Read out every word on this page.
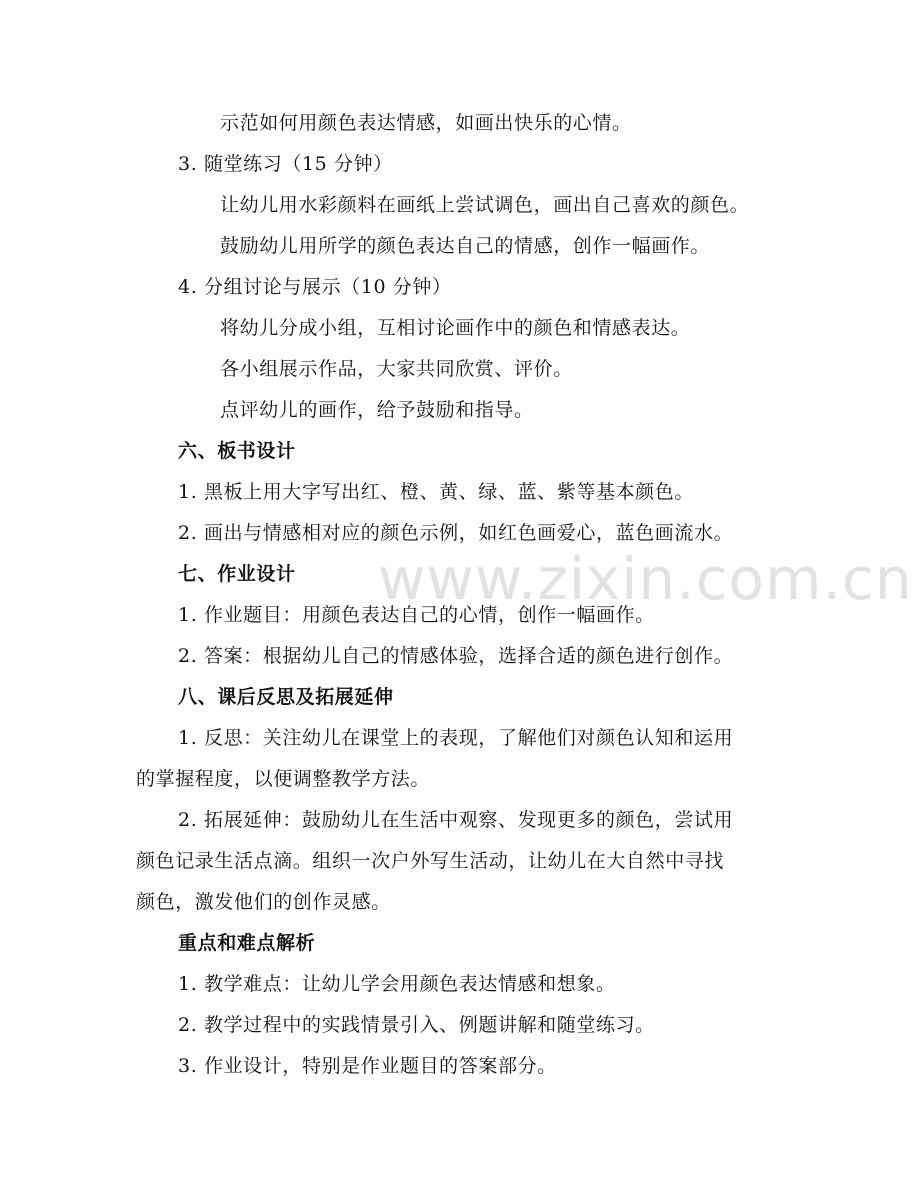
示范如何用颜色表达情感，如画出快乐的心情。
3. 随堂练习（15 分钟）
让幼儿用水彩颜料在画纸上尝试调色，画出自己喜欢的颜色。
鼓励幼儿用所学的颜色表达自己的情感，创作一幅画作。
4. 分组讨论与展示（10 分钟）
将幼儿分成小组，互相讨论画作中的颜色和情感表达。
各小组展示作品，大家共同欣赏、评价。
点评幼儿的画作，给予鼓励和指导。
六、板书设计
1. 黑板上用大字写出红、橙、黄、绿、蓝、紫等基本颜色。
2. 画出与情感相对应的颜色示例，如红色画爱心，蓝色画流水。
七、作业设计
1. 作业题目：用颜色表达自己的心情，创作一幅画作。
2. 答案：根据幼儿自己的情感体验，选择合适的颜色进行创作。
八、课后反思及拓展延伸
1. 反思：关注幼儿在课堂上的表现，了解他们对颜色认知和运用
的掌握程度，以便调整教学方法。
2. 拓展延伸：鼓励幼儿在生活中观察、发现更多的颜色，尝试用
颜色记录生活点滴。组织一次户外写生活动，让幼儿在大自然中寻找
颜色，激发他们的创作灵感。
重点和难点解析
1. 教学难点：让幼儿学会用颜色表达情感和想象。
2. 教学过程中的实践情景引入、例题讲解和随堂练习。
3. 作业设计，特别是作业题目的答案部分。
www.zixin.com.cn
